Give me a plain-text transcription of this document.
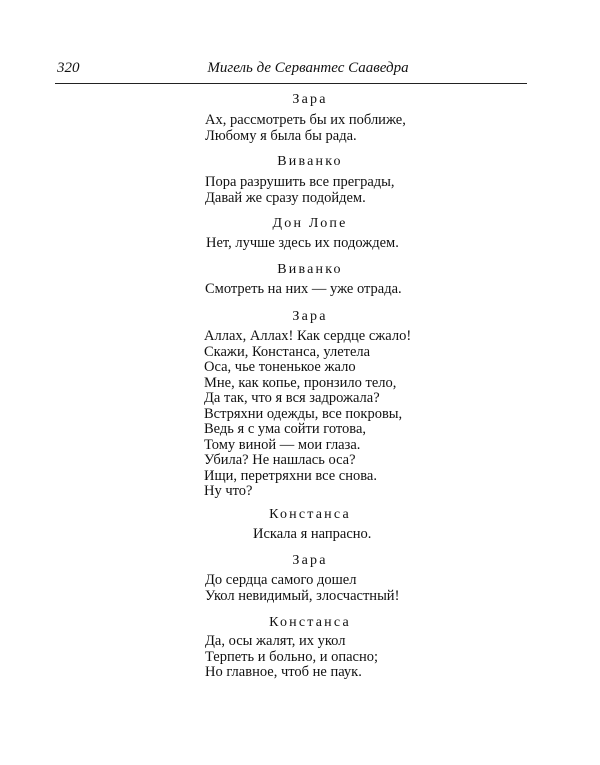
320	Мигель де Сервантес Сааведра
Зара
Ах, рассмотреть бы их поближе,
Любому я была бы рада.
Виванко
Пора разрушить все преграды,
Давай же сразу подойдем.
Дон Лопе
Нет, лучше здесь их подождем.
Виванко
Смотреть на них — уже отрада.
Зара
Аллах, Аллах! Как сердце сжало!
Скажи, Констанса, улетела
Оса, чье тоненькое жало
Мне, как копье, пронзило тело,
Да так, что я вся задрожала?
Встряхни одежды, все покровы,
Ведь я с ума сойти готова,
Тому виной — мои глаза.
Убила? Не нашлась оса?
Ищи, перетряхни все снова.
Ну что?
Констанса
Искала я напрасно.
Зара
До сердца самого дошел
Укол невидимый, злосчастный!
Констанса
Да, осы жалят, их укол
Терпеть и больно, и опасно;
Но главное, чтоб не паук.
